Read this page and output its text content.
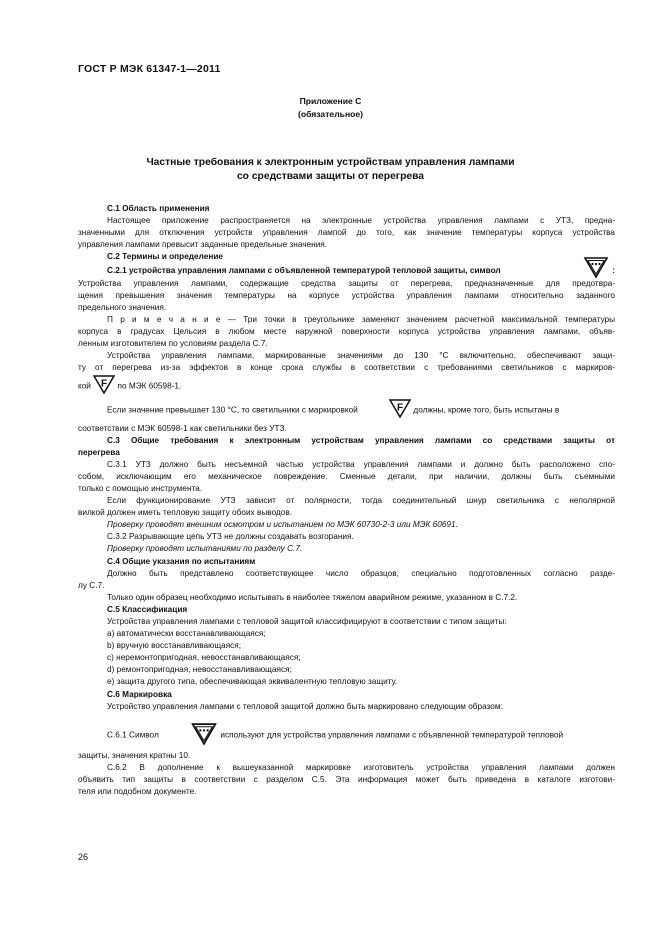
ГОСТ Р МЭК 61347-1—2011
Приложение С
(обязательное)
Частные требования к электронным устройствам управления лампами
со средствами защиты от перегрева

С.1 Область применения

Настоящее приложение распространяется на электронные устройства управления лампами с УТЗ, предна-

значенными для отключения устройств управления лампой до того, как значение температуры корпуса устройства

управления лампами превысит заданные предельные значения.

С.2 Термины и определение

С.2.1 устройства управления лампами с объявленной температурой тепловой защиты, символ	:

Устройства управления лампами, содержащие средства защиты от перегрева, предназначенные для предотвра-

щения превышения значения температуры на корпусе устройства управления лампами относительно заданного

предельного значения.

П р и м е ч а н и е — Три точки в треугольнике заменяют значением расчетной максимальной температуры

корпуса в градусах Цельсия в любом месте наружной поверхности корпуса устройства управления лампами, объяв-

ленным изготовителем по условиям раздела С.7.

Устройства управления лампами, маркированные значениями до 130 °С включительно, обеспечивают защи-

ту от перегрева из-за эффектов в конце срока службы в соответствии с требованиями светильников с маркиров-

кой F по МЭК 60598-1.

Если значение превышает 130 °С, то светильники с маркировкой	F должны, кроме того, быть испытаны в

соответствии с МЭК 60598-1 как светильники без УТЗ.

С.3 Общие требования к электронным устройствам управления лампами со средствами защиты от

перегрева

С.3.1 УТЗ должно быть несъемной частью устройства управления лампами и должно быть расположено спо-

собом, исключающим его механическое повреждение. Сменные детали, при наличии, должны быть съемными

только с помощью инструмента.

Если функционирование УТЗ зависит от полярности, тогда соединительный шнур светильника с неполярной

вилкой должен иметь тепловую защиту обоих выводов.

Проверку проводят внешним осмотром и испытанием по МЭК 60730-2-3 или МЭК 60691.

С.3.2 Разрывающие цепь УТЗ не должны создавать возгорания.

Проверку проводят испытаниями по разделу С.7.

С.4 Общие указания по испытаниям

Должно быть представлено соответствующее число образцов, специально подготовленных согласно разде-

лу С.7.

Только один образец необходимо испытывать в наиболее тяжелом аварийном режиме, указанном в С.7.2.

С.5 Классификация

Устройства управления лампами с тепловой защитой классифицируют в соответствии с типом защиты:

а) автоматически восстанавливающаяся;

b) вручную восстанавливающаяся;

с) неремонтопригодная, невосстанавливающаяся;

d) ремонтопригодная, невосстанавливающаяся;

е) защита другого типа, обеспечивающая эквивалентную тепловую защиту.

С.6 Маркировка

Устройство управления лампами с тепловой защитой должно быть маркировано следующим образом:

С.6.1 Символ	используют для устройства управления лампами с объявленной температурой тепловой

защиты, значения кратны 10.

С.6.2 В дополнение к вышеуказанной маркировке изготовитель устройства управления лампами должен

объявить тип защиты в соответствии с разделом С.5. Эта информация может быть приведена в каталоге изготови-

теля или подобном документе.

26
